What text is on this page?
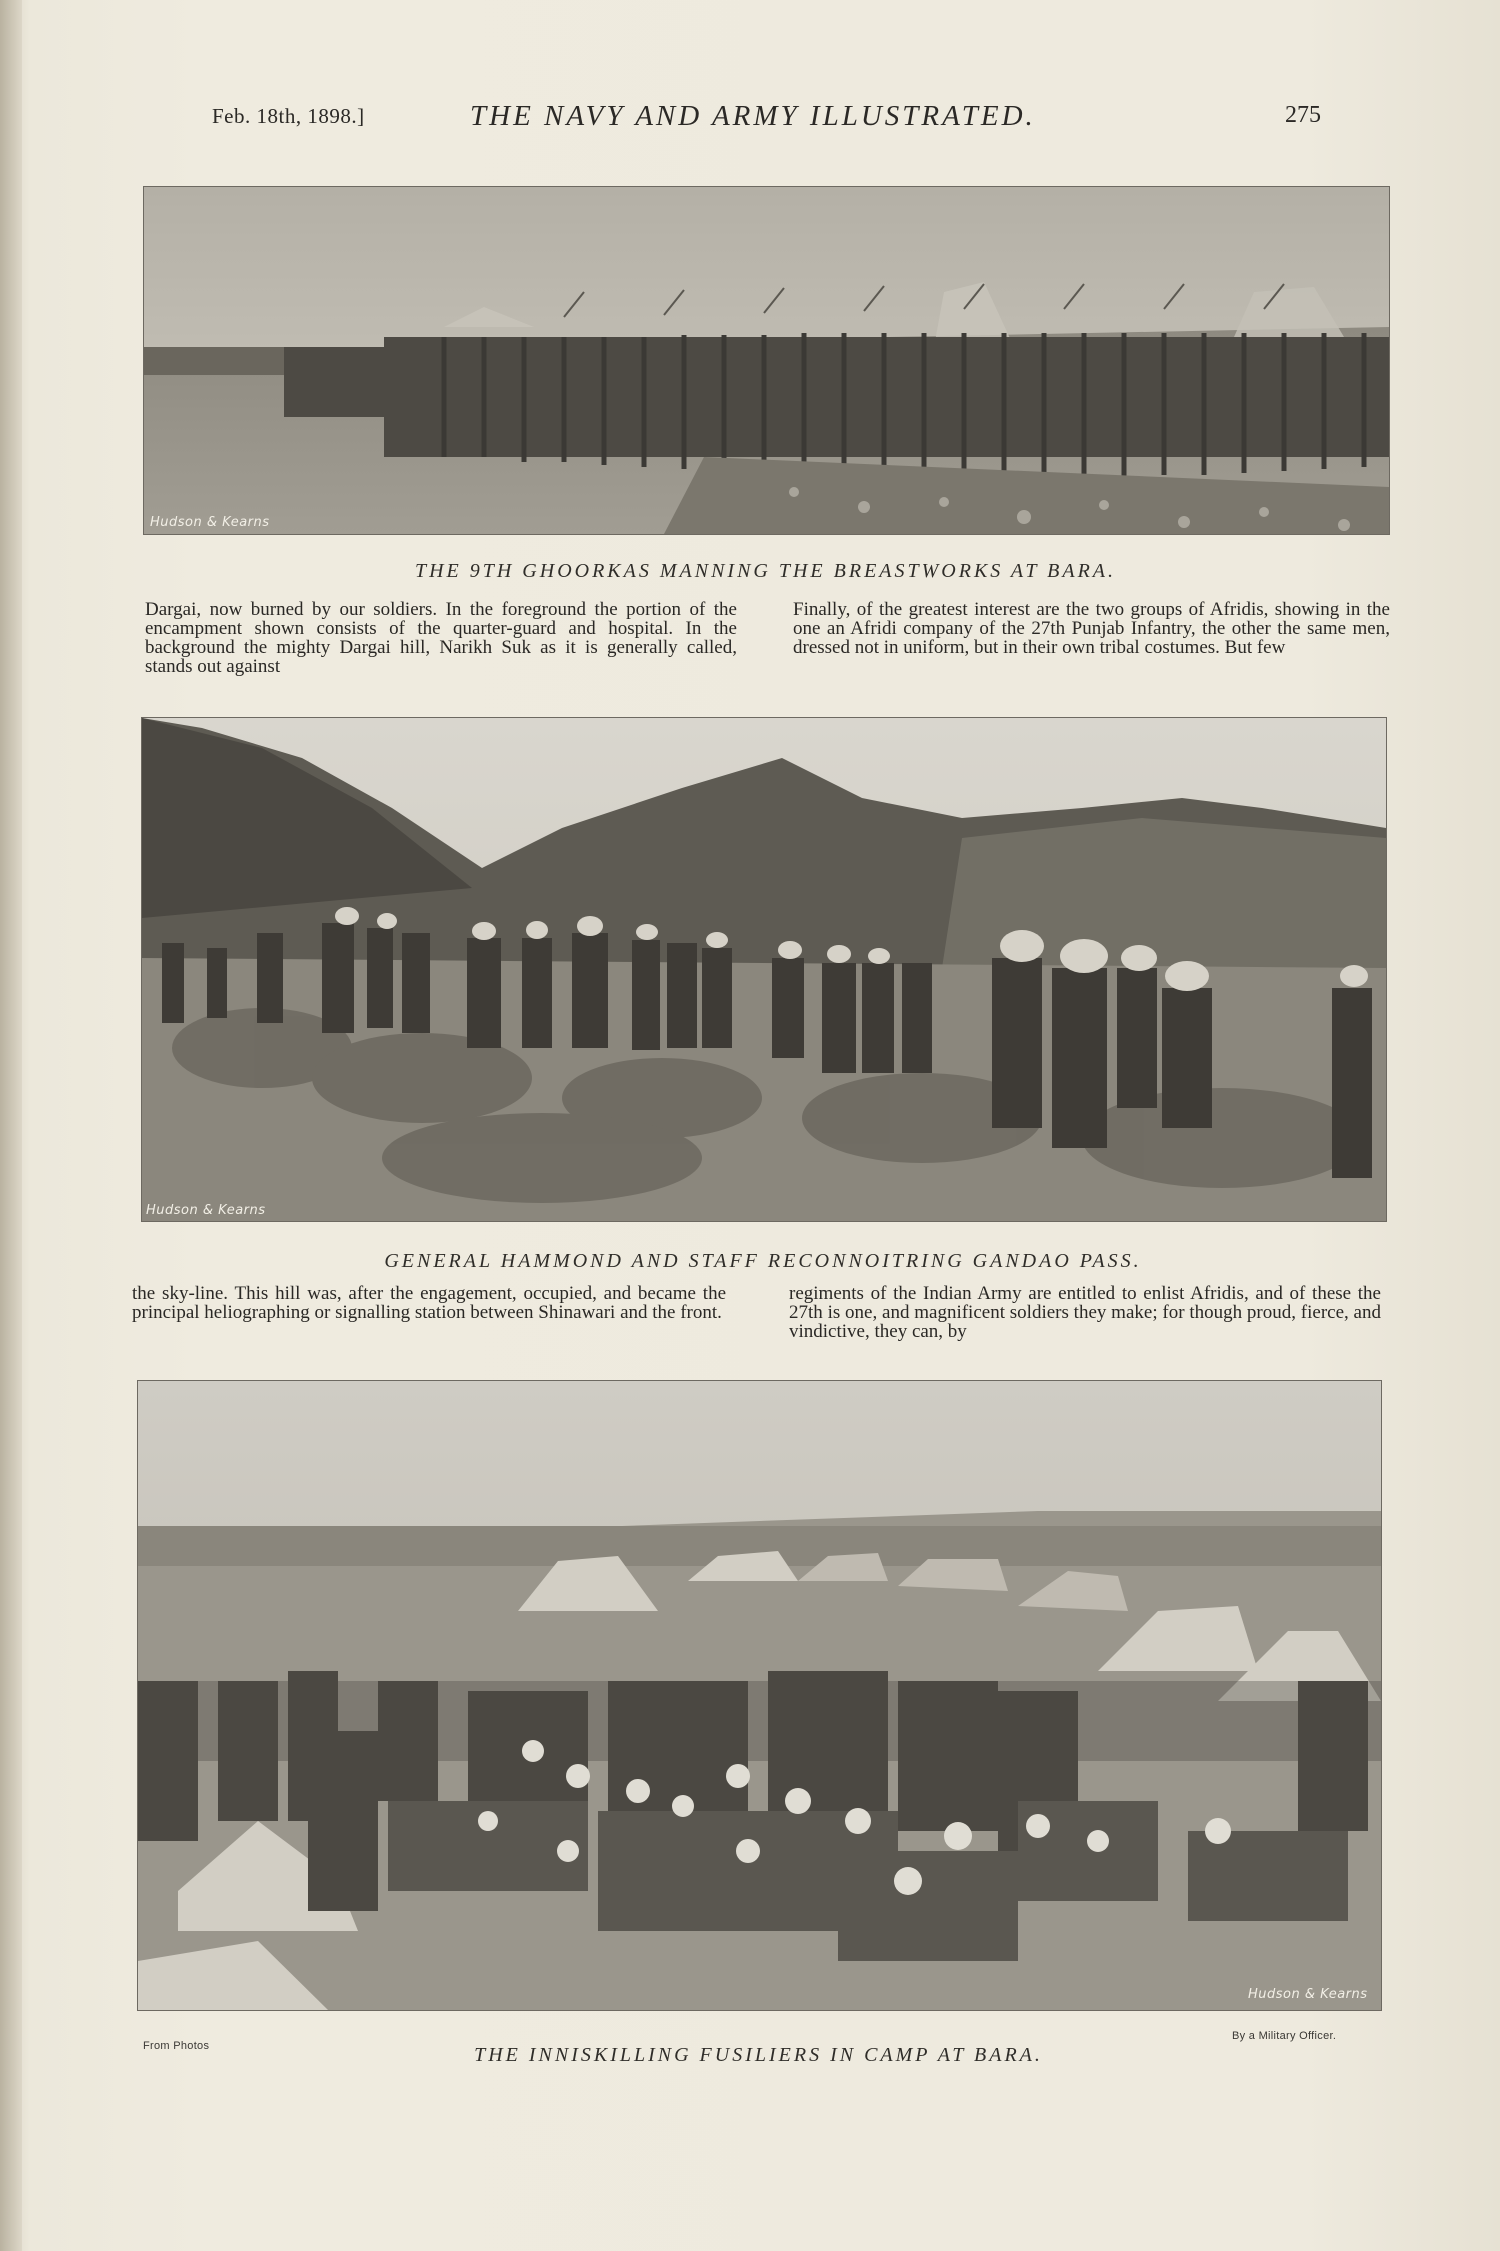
Feb. 18th, 1898.]	THE NAVY AND ARMY ILLUSTRATED.	275
Hudson & Kearns
THE 9TH GHOORKAS MANNING THE BREASTWORKS AT BARA.
Dargai, now burned by our soldiers. In the foreground the portion of the encampment shown consists of the quarter-guard and hospital. In the background the mighty Dargai hill, Narikh Suk as it is generally called, stands out against
Finally, of the greatest interest are the two groups of Afridis, showing in the one an Afridi company of the 27th Punjab Infantry, the other the same men, dressed not in uniform, but in their own tribal costumes. But few
Hudson & Kearns
GENERAL HAMMOND AND STAFF RECONNOITRING GANDAO PASS.
the sky-line. This hill was, after the engagement, occupied, and became the principal heliographing or signalling station between Shinawari and the front.
regiments of the Indian Army are entitled to enlist Afridis, and of these the 27th is one, and magnificent soldiers they make; for though proud, fierce, and vindictive, they can, by
Hudson & Kearns
THE INNISKILLING FUSILIERS IN CAMP AT BARA.
From Photos
By a Military Officer.
